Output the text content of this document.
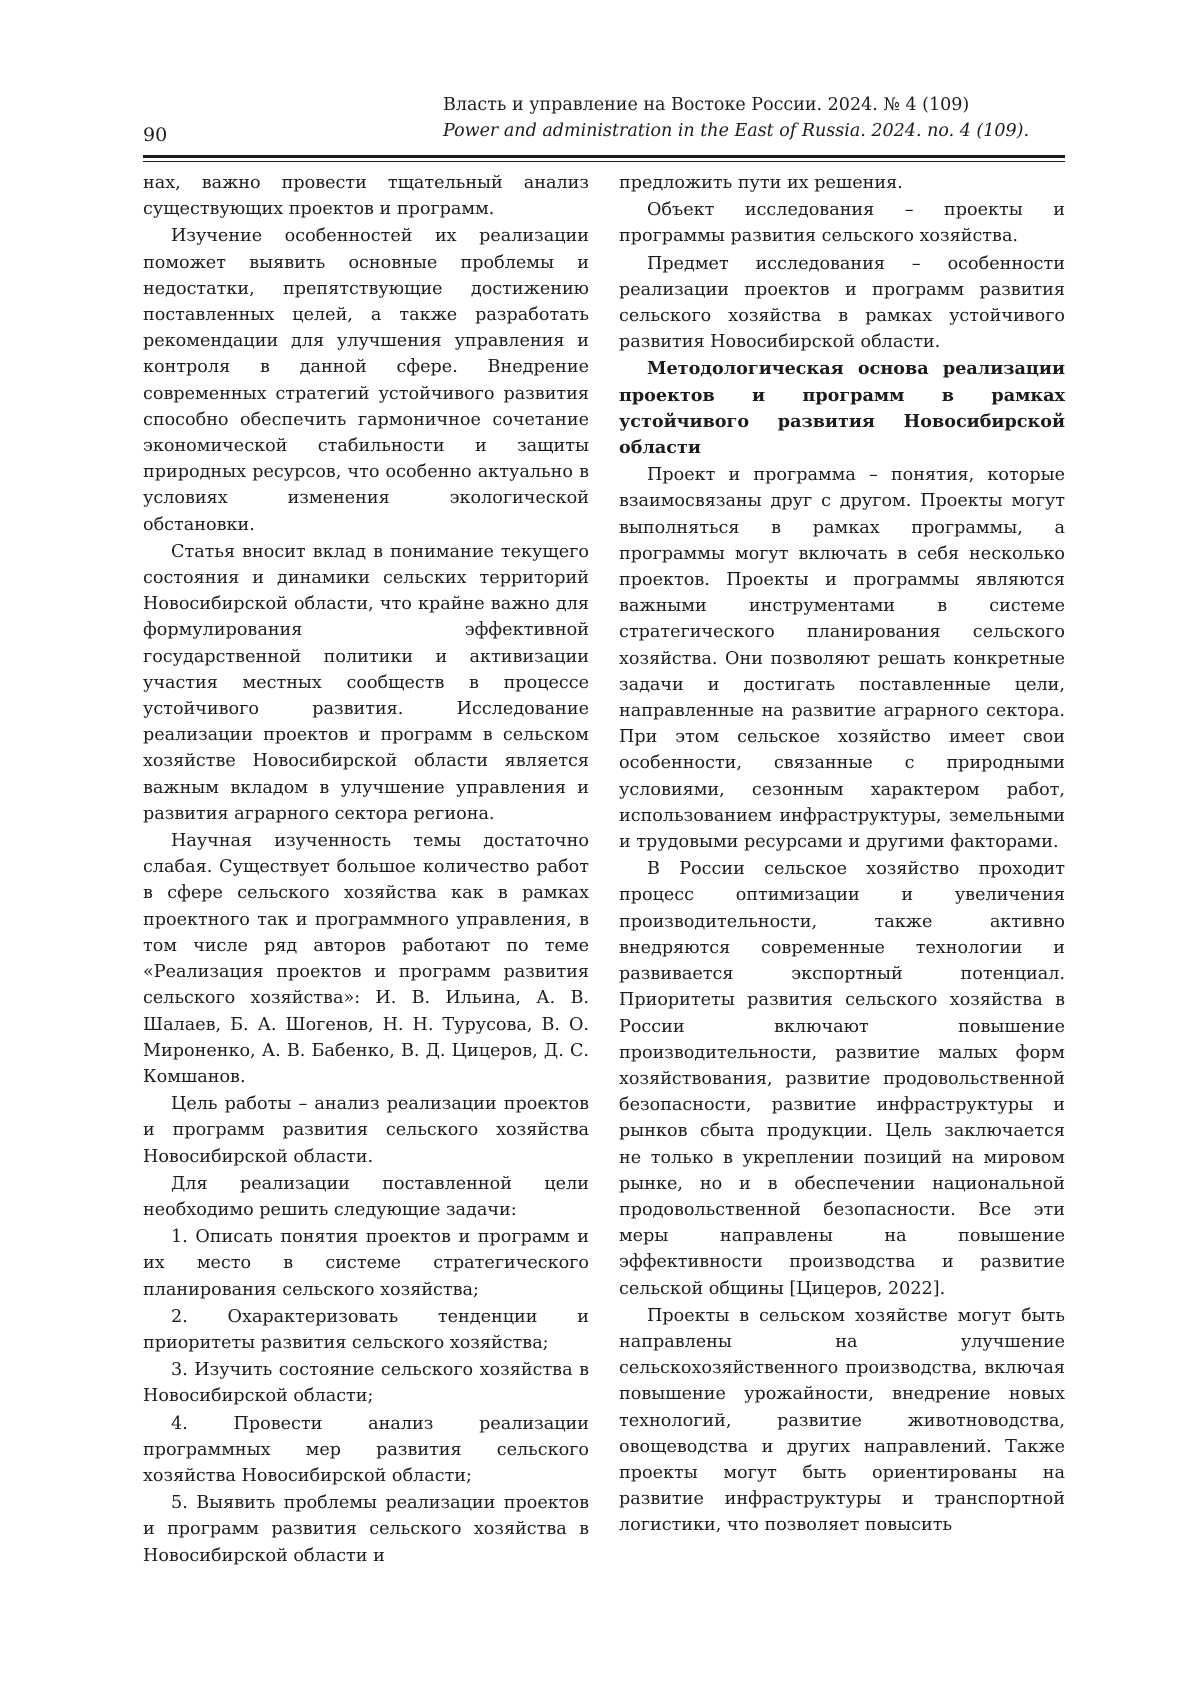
90
Власть и управление на Востоке России. 2024. № 4 (109)
Power and administration in the East of Russia. 2024. no. 4 (109).

нах, важно провести тщательный анализ существующих проектов и программ.

Изучение особенностей их реализации поможет выявить основные проблемы и недостатки, препятствующие достижению поставленных целей, а также разработать рекомендации для улучшения управления и контроля в данной сфере. Внедрение современных стратегий устойчивого развития способно обеспечить гармоничное сочетание экономической стабильности и защиты природных ресурсов, что особенно актуально в условиях изменения экологической обстановки.

Статья вносит вклад в понимание текущего состояния и динамики сельских территорий Новосибирской области, что крайне важно для формулирования эффективной государственной политики и активизации участия местных сообществ в процессе устойчивого развития. Исследование реализации проектов и программ в сельском хозяйстве Новосибирской области является важным вкладом в улучшение управления и развития аграрного сектора региона.

Научная изученность темы достаточно слабая. Существует большое количество работ в сфере сельского хозяйства как в рамках проектного так и программного управления, в том числе ряд авторов работают по теме «Реализация проектов и программ развития сельского хозяйства»: И. В. Ильина, А. В. Шалаев, Б. А. Шогенов, Н. Н. Турусова, В. О. Мироненко, А. В. Бабенко, В. Д. Цицеров, Д. С. Комшанов.

Цель работы – анализ реализации проектов и программ развития сельского хозяйства Новосибирской области.

Для реализации поставленной цели необходимо решить следующие задачи:

1. Описать понятия проектов и программ и их место в системе стратегического планирования сельского хозяйства;

2. Охарактеризовать тенденции и приоритеты развития сельского хозяйства;

3. Изучить состояние сельского хозяйства в Новосибирской области;

4. Провести анализ реализации программных мер развития сельского хозяйства Новосибирской области;

5. Выявить проблемы реализации проектов и программ развития сельского хозяйства в Новосибирской области и

предложить пути их решения.

Объект исследования – проекты и программы развития сельского хозяйства.

Предмет исследования – особенности реализации проектов и программ развития сельского хозяйства в рамках устойчивого развития Новосибирской области.

Методологическая основа реализации проектов и программ в рамках устойчивого развития Новосибирской области

Проект и программа – понятия, которые взаимосвязаны друг с другом. Проекты могут выполняться в рамках программы, а программы могут включать в себя несколько проектов. Проекты и программы являются важными инструментами в системе стратегического планирования сельского хозяйства. Они позволяют решать конкретные задачи и достигать поставленные цели, направленные на развитие аграрного сектора. При этом сельское хозяйство имеет свои особенности, связанные с природными условиями, сезонным характером работ, использованием инфраструктуры, земельными и трудовыми ресурсами и другими факторами.

В России сельское хозяйство проходит процесс оптимизации и увеличения производительности, также активно внедряются современные технологии и развивается экспортный потенциал. Приоритеты развития сельского хозяйства в России включают повышение производительности, развитие малых форм хозяйствования, развитие продовольственной безопасности, развитие инфраструктуры и рынков сбыта продукции. Цель заключается не только в укреплении позиций на мировом рынке, но и в обеспечении национальной продовольственной безопасности. Все эти меры направлены на повышение эффективности производства и развитие сельской общины [Цицеров, 2022].

Проекты в сельском хозяйстве могут быть направлены на улучшение сельскохозяйственного производства, включая повышение урожайности, внедрение новых технологий, развитие животноводства, овощеводства и других направлений. Также проекты могут быть ориентированы на развитие инфраструктуры и транспортной логистики, что позволяет повысить
